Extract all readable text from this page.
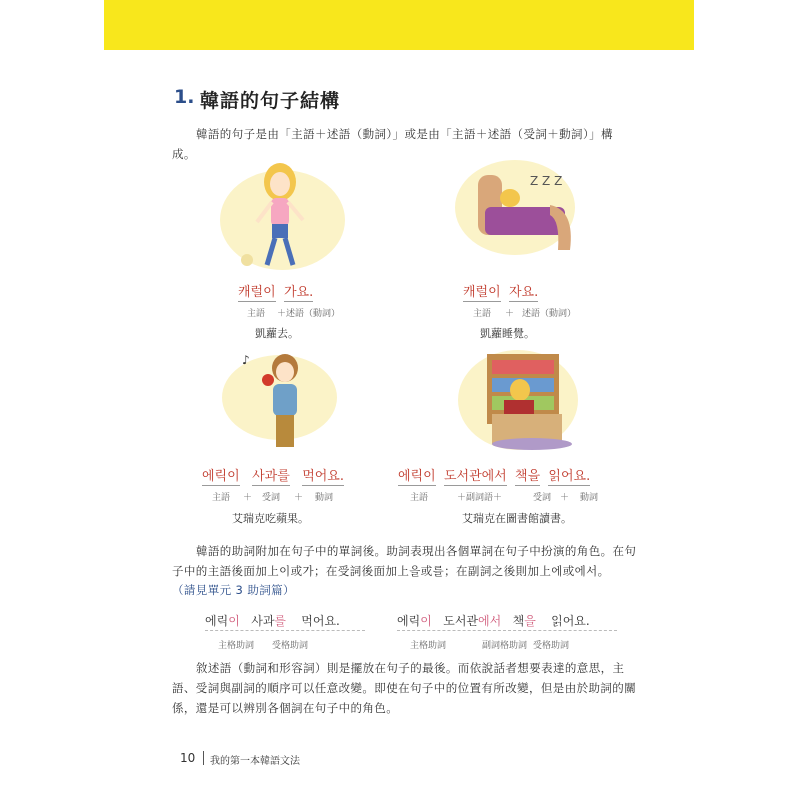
1. 韓語的句子結構
韓語的句子是由「主語＋述語（動詞）」或是由「主語＋述語（受詞＋動詞）」構
成。
Z Z Z
캐럴이 가요.
主語 ＋述語（動詞）
凱蘿去。
캐럴이 자요.
主語 ＋ 述語（動詞）
凱蘿睡覺。
♪
에릭이 사과를 먹어요.
主語 ＋ 受詞 ＋ 動詞
艾瑞克吃蘋果。
에릭이 도서관에서 책을 읽어요.
主語	＋副詞語＋	受詞 ＋ 動詞
艾瑞克在圖書館讀書。
韓語的助詞附加在句子中的單詞後。助詞表現出各個單詞在句子中扮演的角色。在句
子中的主語後面加上이或가；在受詞後面加上을或를；在副詞之後則加上에或에서。
（請見單元 3 助詞篇）
에릭이 사과를 먹어요.
主格助詞 受格助詞
에릭이 도서관에서 책을 읽어요.
主格助詞	副詞格助詞 受格助詞
敘述語（動詞和形容詞）則是擺放在句子的最後。而依說話者想要表達的意思，主
語、受詞與副詞的順序可以任意改變。即使在句子中的位置有所改變，但是由於助詞的關
係，還是可以辨別各個詞在句子中的角色。
10 我的第一本韓語文法
